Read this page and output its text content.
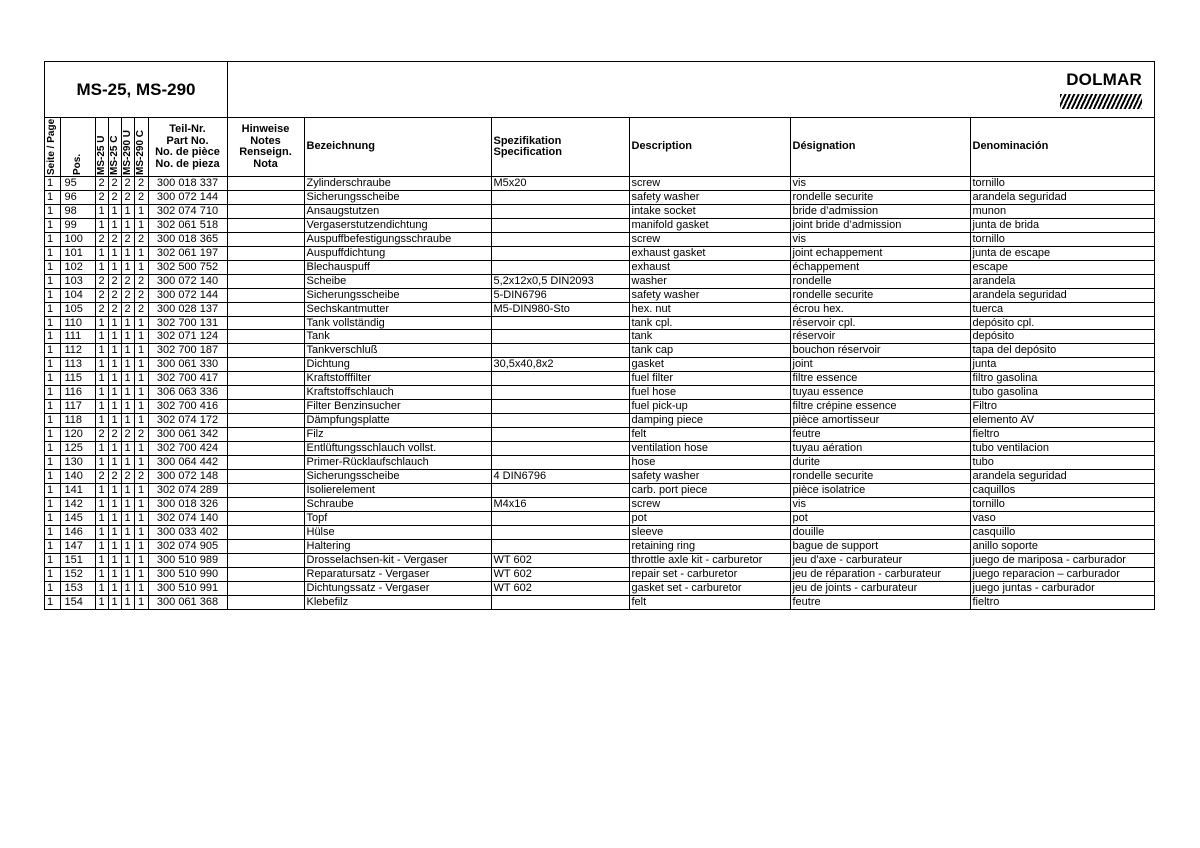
MS-25, MS-290	DOLMAR
Seite / Page	Pos.	MS-25 U	MS-25 C	MS-290 U	MS-290 C	Teil-Nr.
Part No.
No. de pièce
No. de pieza	Hinweise
Notes
Renseign.
Nota	Bezeichnung	Spezifikation
Specification	Description	Désignation	Denominación
1	95	2	2	2	2	300 018 337		Zylinderschraube	M5x20	screw	vis	tornillo
1	96	2	2	2	2	300 072 144		Sicherungsscheibe		safety washer	rondelle securite	arandela seguridad
1	98	1	1	1	1	302 074 710		Ansaugstutzen		intake socket	bride d’admission	munon
1	99	1	1	1	1	302 061 518		Vergaserstutzendichtung		manifold gasket	joint bride d’admission	junta de brida
1	100	2	2	2	2	300 018 365		Auspuffbefestigungsschraube		screw	vis	tornillo
1	101	1	1	1	1	302 061 197		Auspuffdichtung		exhaust gasket	joint echappement	junta de escape
1	102	1	1	1	1	302 500 752		Blechauspuff		exhaust	échappement	escape
1	103	2	2	2	2	300 072 140		Scheibe	5,2x12x0,5 DIN2093	washer	rondelle	arandela
1	104	2	2	2	2	300 072 144		Sicherungsscheibe	5-DIN6796	safety washer	rondelle securite	arandela seguridad
1	105	2	2	2	2	300 028 137		Sechskantmutter	M5-DIN980-Sto	hex. nut	écrou hex.	tuerca
1	110	1	1	1	1	302 700 131		Tank vollständig		tank cpl.	réservoir cpl.	depósito cpl.
1	111	1	1	1	1	302 071 124		Tank		tank	réservoir	depósito
1	112	1	1	1	1	302 700 187		Tankverschluß		tank cap	bouchon réservoir	tapa del depósito
1	113	1	1	1	1	300 061 330		Dichtung	30,5x40,8x2	gasket	joint	junta
1	115	1	1	1	1	302 700 417		Kraftstofffilter		fuel filter	filtre essence	filtro gasolina
1	116	1	1	1	1	306 063 336		Kraftstoffschlauch		fuel hose	tuyau essence	tubo gasolina
1	117	1	1	1	1	302 700 416		Filter Benzinsucher		fuel pick-up	filtre crépine essence	Filtro
1	118	1	1	1	1	302 074 172		Dämpfungsplatte		damping piece	pièce amortisseur	elemento AV
1	120	2	2	2	2	300 061 342		Filz		felt	feutre	fieltro
1	125	1	1	1	1	302 700 424		Entlüftungsschlauch vollst.		ventilation hose	tuyau aération	tubo ventilacion
1	130	1	1	1	1	300 064 442		Primer-Rücklaufschlauch		hose	durite	tubo
1	140	2	2	2	2	300 072 148		Sicherungsscheibe	4 DIN6796	safety washer	rondelle securite	arandela seguridad
1	141	1	1	1	1	302 074 289		Isolierelement		carb. port piece	pièce isolatrice	caquillos
1	142	1	1	1	1	300 018 326		Schraube	M4x16	screw	vis	tornillo
1	145	1	1	1	1	302 074 140		Topf		pot	pot	vaso
1	146	1	1	1	1	300 033 402		Hülse		sleeve	douille	casquillo
1	147	1	1	1	1	302 074 905		Haltering		retaining ring	bague de support	anillo soporte
1	151	1	1	1	1	300 510 989		Drosselachsen-kit - Vergaser	WT 602	throttle axle kit - carburetor	jeu d'axe - carburateur	juego de mariposa - carburador
1	152	1	1	1	1	300 510 990		Reparatursatz - Vergaser	WT 602	repair set - carburetor	jeu de réparation - carburateur	juego reparacion – carburador
1	153	1	1	1	1	300 510 991		Dichtungssatz - Vergaser	WT 602	gasket set - carburetor	jeu de joints - carburateur	juego juntas - carburador
1	154	1	1	1	1	300 061 368		Klebefilz		felt	feutre	fieltro
